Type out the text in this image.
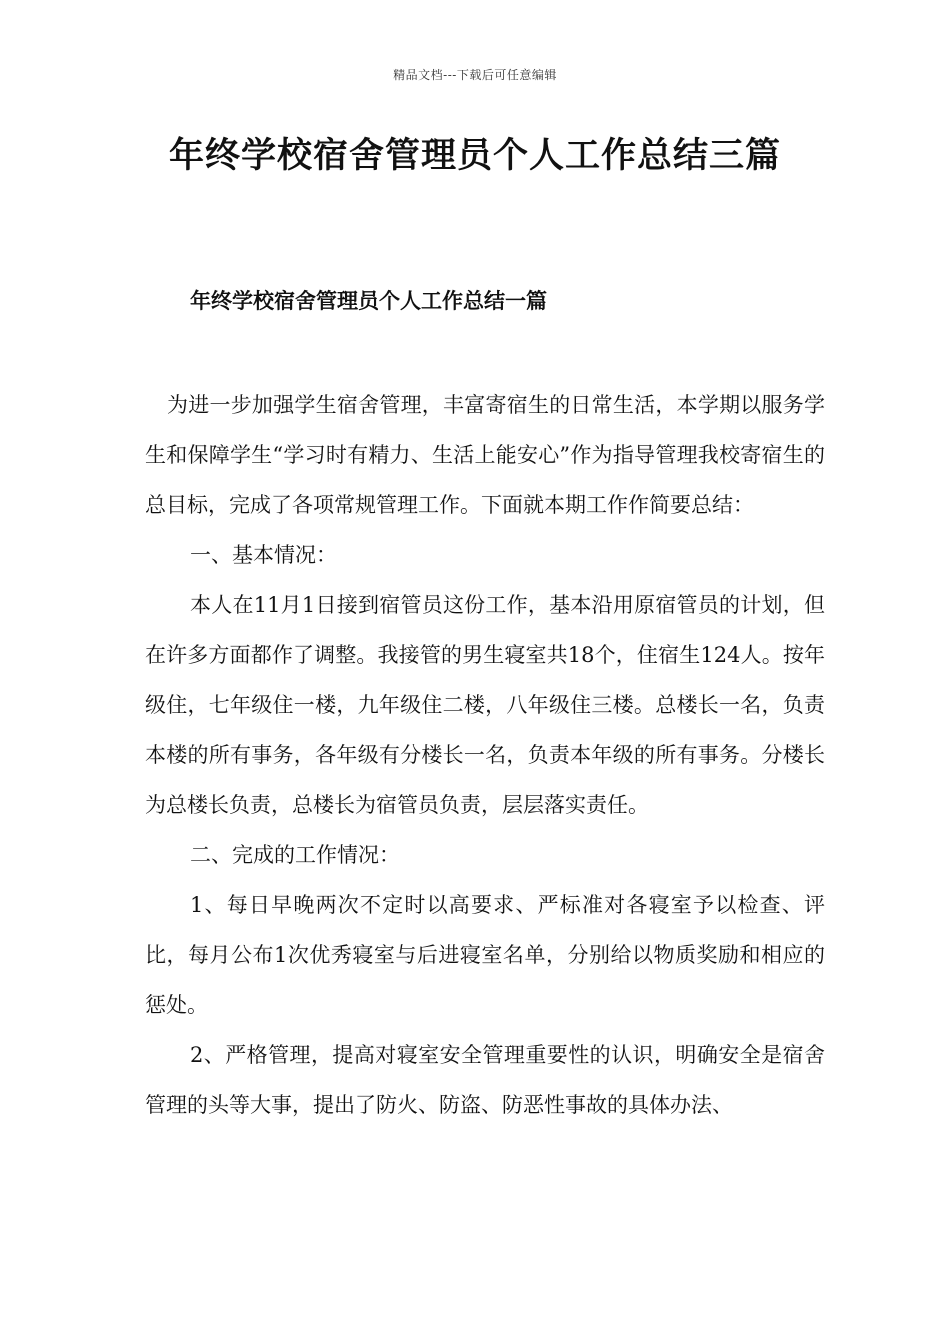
精品文档---下载后可任意编辑
年终学校宿舍管理员个人工作总结三篇
年终学校宿舍管理员个人工作总结一篇

为进一步加强学生宿舍管理，丰富寄宿生的日常生活，本学期以服务学生和保障学生“学习时有精力、生活上能安心”作为指导管理我校寄宿生的总目标，完成了各项常规管理工作。下面就本期工作作简要总结：

一、基本情况：

本人在11月1日接到宿管员这份工作，基本沿用原宿管员的计划，但在许多方面都作了调整。我接管的男生寝室共18个，住宿生124人。按年级住，七年级住一楼，九年级住二楼，八年级住三楼。总楼长一名，负责本楼的所有事务，各年级有分楼长一名，负责本年级的所有事务。分楼长为总楼长负责，总楼长为宿管员负责，层层落实责任。

二、完成的工作情况：

1、每日早晚两次不定时以高要求、严标准对各寝室予以检查、评比，每月公布1次优秀寝室与后进寝室名单，分别给以物质奖励和相应的惩处。

2、严格管理，提高对寝室安全管理重要性的认识，明确安全是宿舍管理的头等大事，提出了防火、防盗、防恶性事故的具体办法、
